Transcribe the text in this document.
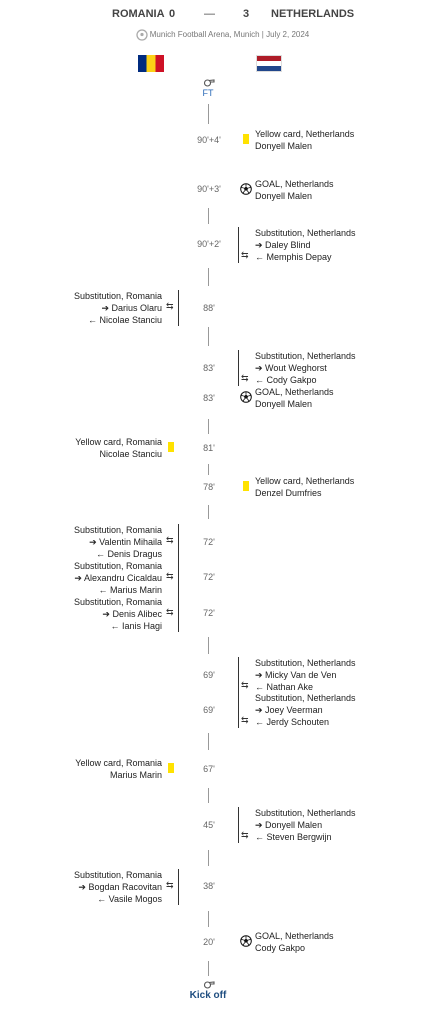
ROMANIA 0	—	3 NETHERLANDS
Munich Football Arena, Munich | July 2, 2024
FT
90'+4'
Yellow card, Netherlands
Donyell Malen
90'+3'	GOAL, Netherlands
Donyell Malen
90'+2'
Substitution, Netherlands
➔ Daley Blind
← Memphis Depay
⇆
88'
Substitution, Romania
➔ Darius Olaru
← Nicolae Stanciu
⇆
83'
Substitution, Netherlands
➔ Wout Weghorst
← Cody Gakpo
⇆
83'
GOAL, Netherlands
Donyell Malen
81'
Yellow card, Romania
Nicolae Stanciu
78'
Yellow card, Netherlands
Denzel Dumfries
72'
Substitution, Romania
➔ Valentin Mihaila
← Denis Dragus
⇆
72'
Substitution, Romania
➔ Alexandru Cicaldau
← Marius Marin
⇆
72'
Substitution, Romania
➔ Denis Alibec
← Ianis Hagi
⇆
69'
Substitution, Netherlands
➔ Micky Van de Ven
← Nathan Ake
⇆
69'
Substitution, Netherlands
➔ Joey Veerman
← Jerdy Schouten
⇆
67'
Yellow card, Romania
Marius Marin
45'
Substitution, Netherlands
➔ Donyell Malen
← Steven Bergwijn
⇆
38'
Substitution, Romania
➔ Bogdan Racovitan
← Vasile Mogos
⇆
20'
GOAL, Netherlands
Cody Gakpo
Kick off
